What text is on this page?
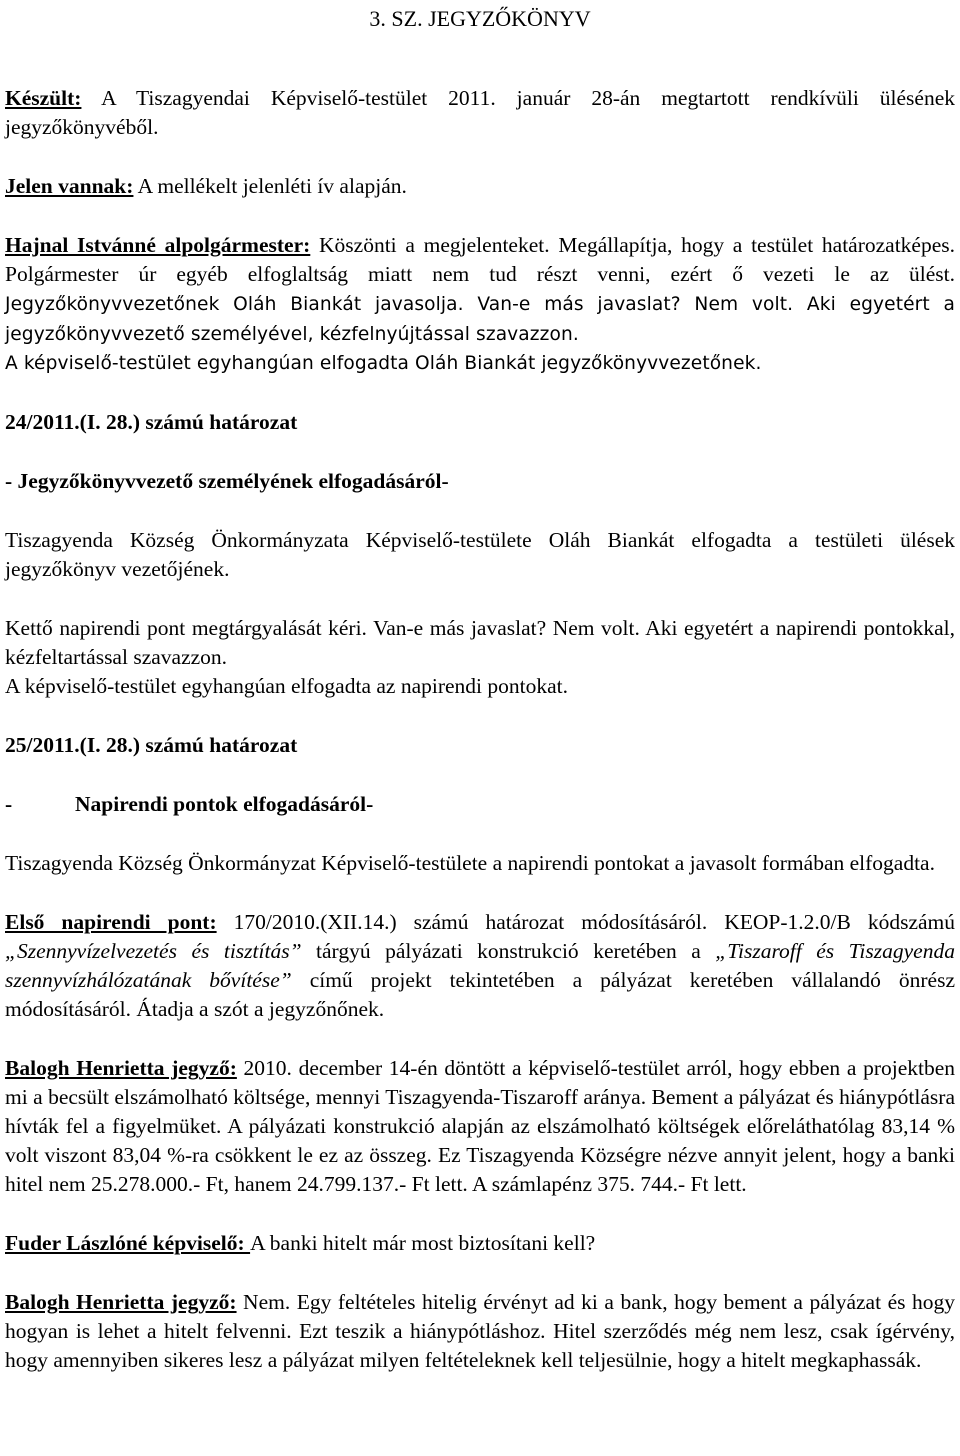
3. SZ. JEGYZŐKÖNYV

Készült: A Tiszagyendai Képviselő-testület 2011. január 28-án megtartott rendkívüli ülésének jegyzőkönyvéből.

Jelen vannak: A mellékelt jelenléti ív alapján.

Hajnal Istvánné alpolgármester: Köszönti a megjelenteket. Megállapítja, hogy a testület határozatképes. Polgármester úr egyéb elfoglaltság miatt nem tud részt venni, ezért ő vezeti le az ülést. Jegyzőkönyvvezetőnek Oláh Biankát javasolja. Van-e más javaslat? Nem volt. Aki egyetért a jegyzőkönyvvezető személyével, kézfelnyújtással szavazzon.

A képviselő-testület egyhangúan elfogadta Oláh Biankát jegyzőkönyvvezetőnek.

24/2011.(I. 28.) számú határozat

- Jegyzőkönyvvezető személyének elfogadásáról-

Tiszagyenda Község Önkormányzata Képviselő-testülete Oláh Biankát elfogadta a testületi ülések jegyzőkönyv vezetőjének.

Kettő napirendi pont megtárgyalását kéri. Van-e más javaslat? Nem volt. Aki egyetért a napirendi pontokkal, kézfeltartással szavazzon.

A képviselő-testület egyhangúan elfogadta az napirendi pontokat.

25/2011.(I. 28.) számú határozat

-	Napirendi pontok elfogadásáról-

Tiszagyenda Község Önkormányzat Képviselő-testülete a napirendi pontokat a javasolt formában elfogadta.

Első napirendi pont: 170/2010.(XII.14.) számú határozat módosításáról. KEOP-1.2.0/B kódszámú „Szennyvízelvezetés és tisztítás” tárgyú pályázati konstrukció keretében a „Tiszaroff és Tiszagyenda szennyvízhálózatának bővítése” című projekt tekintetében a pályázat keretében vállalandó önrész módosításáról. Átadja a szót a jegyzőnőnek.

Balogh Henrietta jegyző: 2010. december 14-én döntött a képviselő-testület arról, hogy ebben a projektben mi a becsült elszámolható költsége, mennyi Tiszagyenda-Tiszaroff aránya. Bement a pályázat és hiánypótlásra hívták fel a figyelmüket. A pályázati konstrukció alapján az elszámolható költségek előreláthatólag 83,14 % volt viszont 83,04 %-ra csökkent le ez az összeg. Ez Tiszagyenda Községre nézve annyit jelent, hogy a banki hitel nem 25.278.000.- Ft, hanem 24.799.137.- Ft lett. A számlapénz 375. 744.- Ft lett.

Fuder Lászlóné képviselő: A banki hitelt már most biztosítani kell?

Balogh Henrietta jegyző: Nem. Egy feltételes hitelig érvényt ad ki a bank, hogy bement a pályázat és hogy hogyan is lehet a hitelt felvenni. Ezt teszik a hiánypótláshoz. Hitel szerződés még nem lesz, csak ígérvény, hogy amennyiben sikeres lesz a pályázat milyen feltételeknek kell teljesülnie, hogy a hitelt megkaphassák.
